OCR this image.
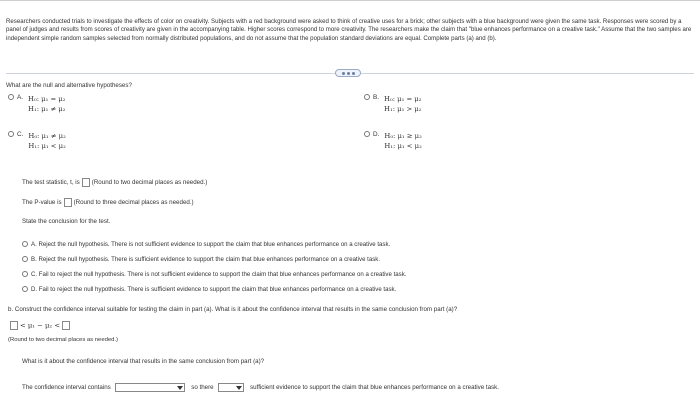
Researchers conducted trials to investigate the effects of color on creativity. Subjects with a red background were asked to think of creative uses for a brick; other subjects with a blue background were given the same task. Responses were scored by a panel of judges and results from scores of creativity are given in the accompanying table. Higher scores correspond to more creativity. The researchers make the claim that "blue enhances performance on a creative task." Assume that the two samples are independent simple random samples selected from normally distributed populations, and do not assume that the population standard deviations are equal. Complete parts (a) and (b).
What are the null and alternative hypotheses?
A. H₀: μ₁ = μ₂
H₁: μ₁ ≠ μ₂
B. H₀: μ₁ = μ₂
H₁: μ₁ > μ₂
C. H₀: μ₁ ≠ μ₂
H₁: μ₁ < μ₂
D. H₀: μ₁ ≥ μ₂
H₁: μ₁ < μ₂
The test statistic, t, is (Round to two decimal places as needed.)
The P-value is (Round to three decimal places as needed.)
State the conclusion for the test.
A. Reject the null hypothesis. There is not sufficient evidence to support the claim that blue enhances performance on a creative task.
B. Reject the null hypothesis. There is sufficient evidence to support the claim that blue enhances performance on a creative task.
C. Fail to reject the null hypothesis. There is not sufficient evidence to support the claim that blue enhances performance on a creative task.
D. Fail to reject the null hypothesis. There is sufficient evidence to support the claim that blue enhances performance on a creative task.
b. Construct the confidence interval suitable for testing the claim in part (a). What is it about the confidence interval that results in the same conclusion from part (a)?
< μ₁ − μ₂ <
(Round to two decimal places as needed.)
What is it about the confidence interval that results in the same conclusion from part (a)?
The confidence interval contains	so there	sufficient evidence to support the claim that blue enhances performance on a creative task.
